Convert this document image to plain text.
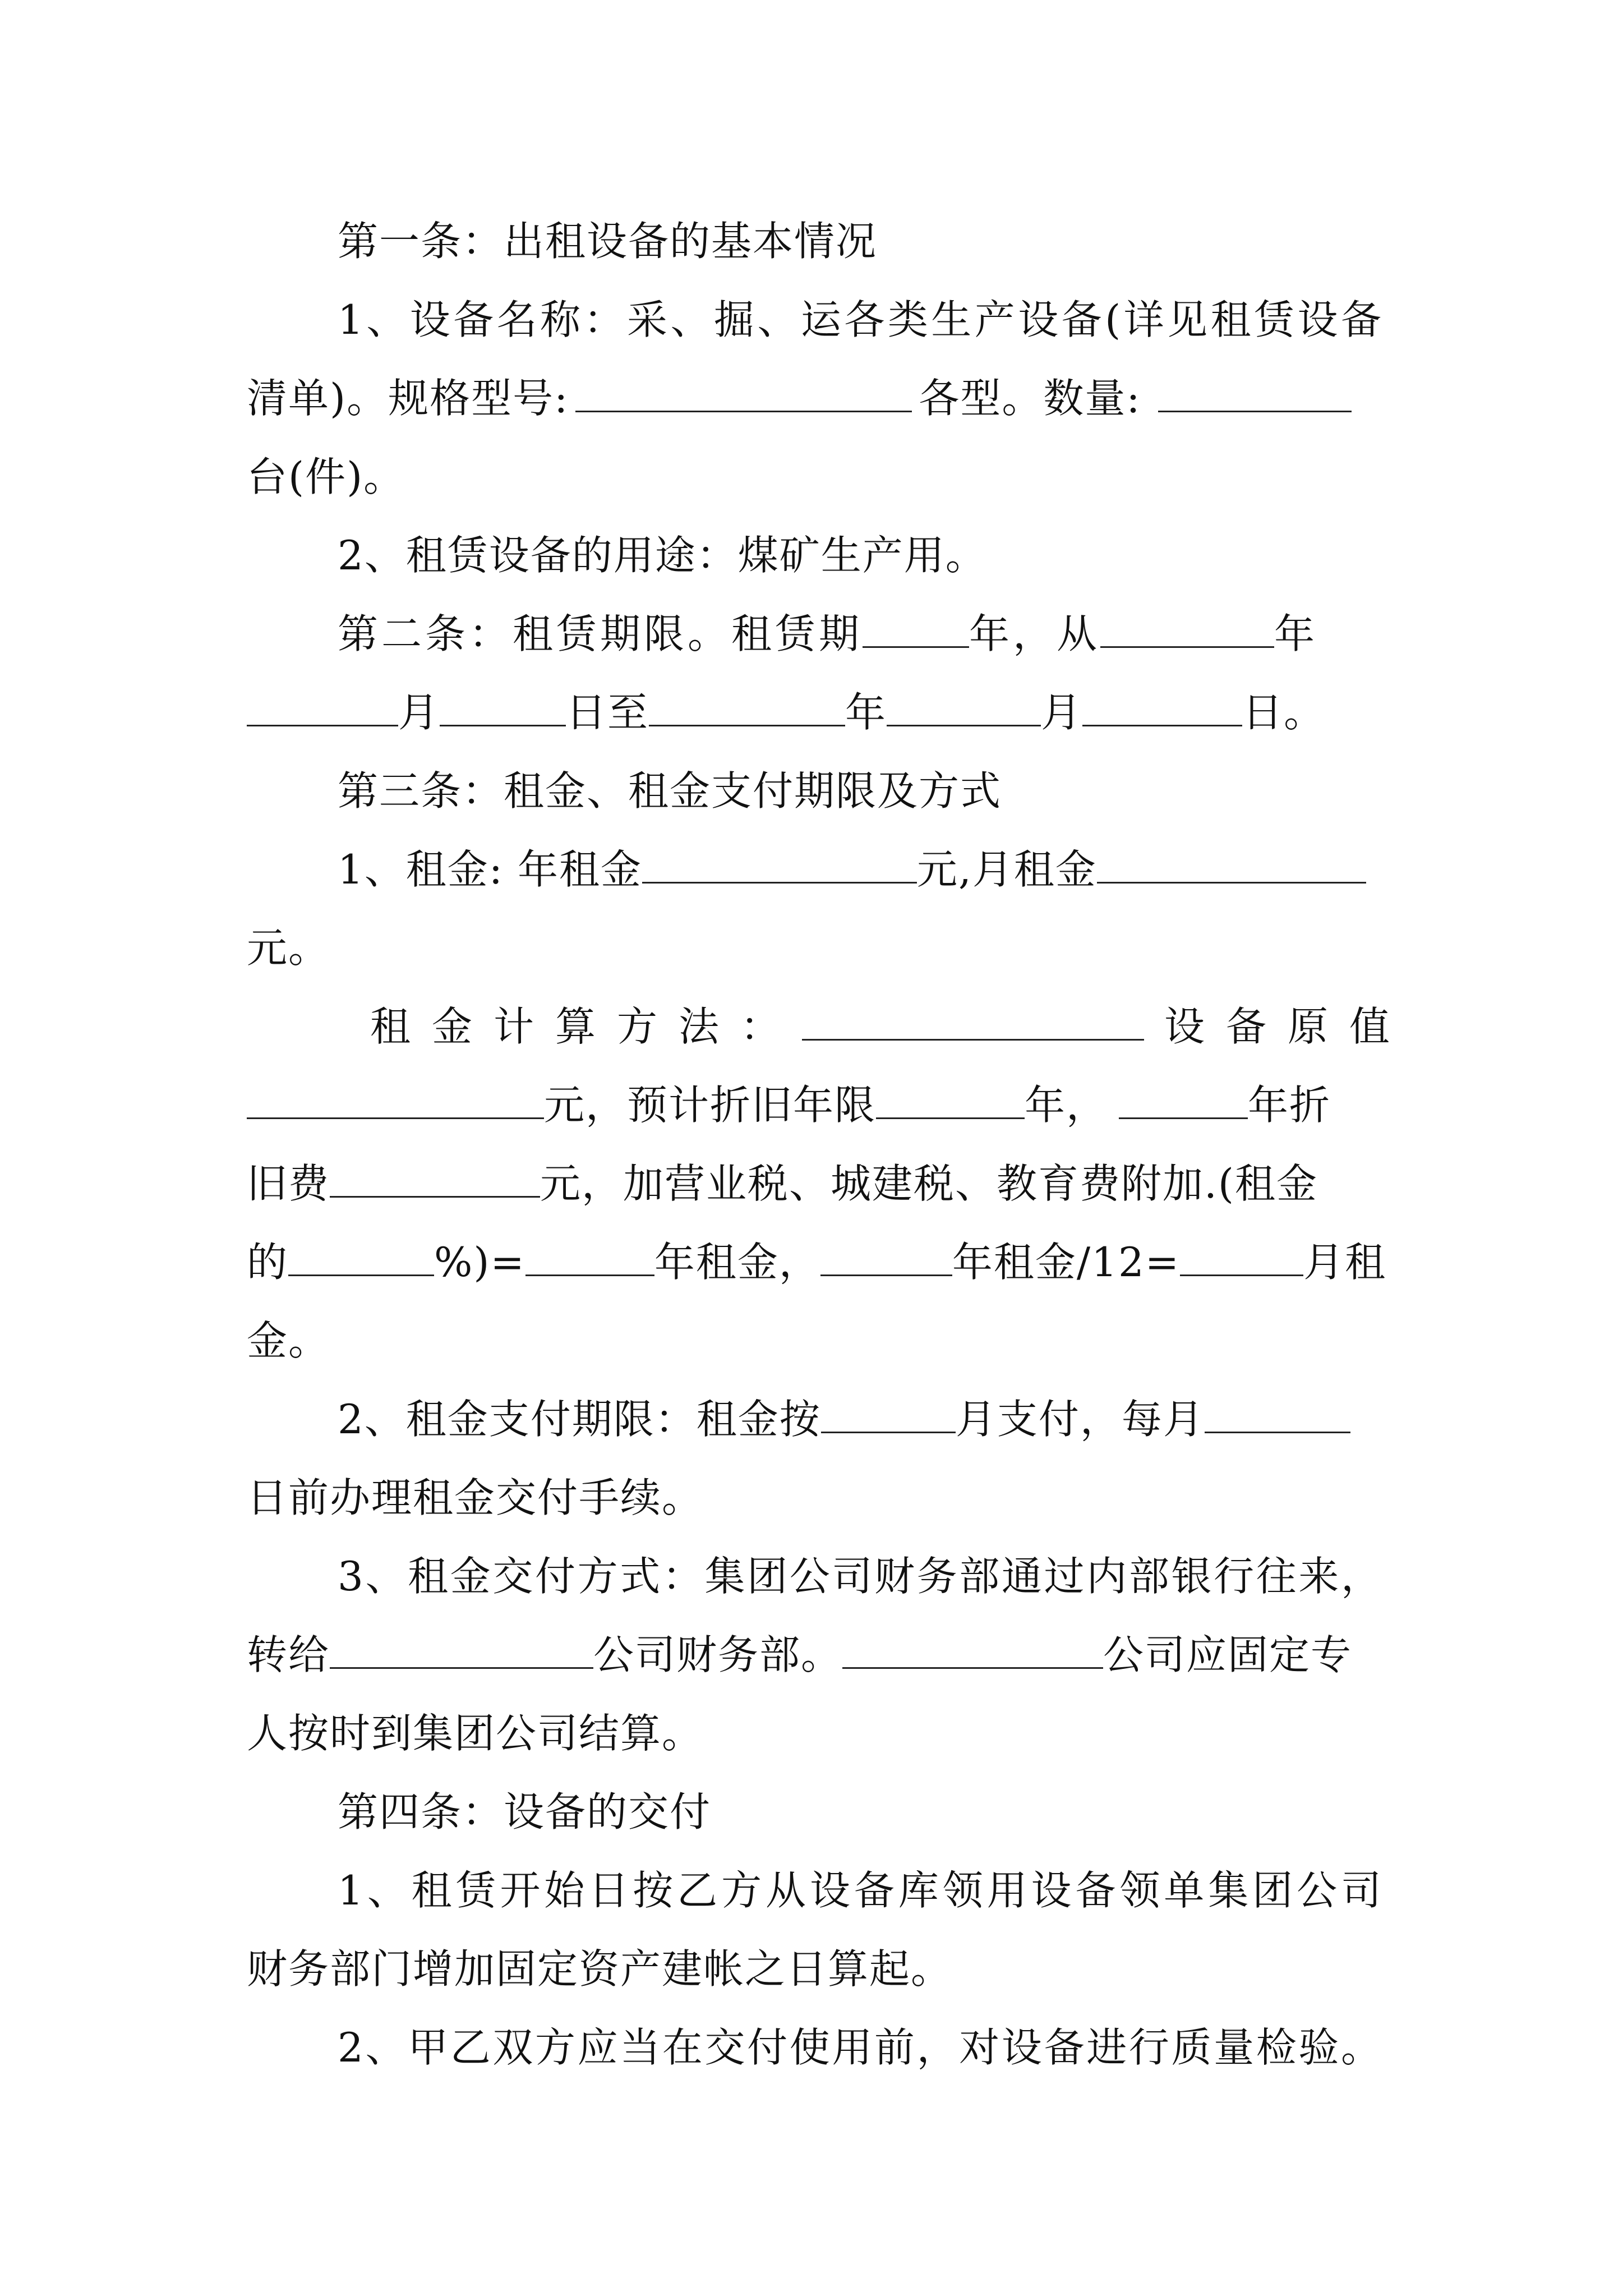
第一条：出租设备的基本情况
1、设备名称：采、掘、运各类生产设备(详见租赁设备
清单)。规格型号:	各型。数量:
台(件)。
2、租赁设备的用途：煤矿生产用。
第二条：租赁期限。租赁期	年，从	年
月	日至	年	月	日。
第三条：租金、租金支付期限及方式
1、租金: 年租金	元,月租金
元。
租金计算方法：	设备原值
元，预计折旧年限	年，	年折
旧费	元，加营业税、城建税、教育费附加.(租金
的	%)=	年租金，	年租金/12=	月租
金。
2、租金支付期限：租金按	月支付，每月
日前办理租金交付手续。
3、租金交付方式：集团公司财务部通过内部银行往来，
转给	公司财务部。	公司应固定专
人按时到集团公司结算。
第四条：设备的交付
1、租赁开始日按乙方从设备库领用设备领单集团公司
财务部门增加固定资产建帐之日算起。
2、甲乙双方应当在交付使用前，对设备进行质量检验。
